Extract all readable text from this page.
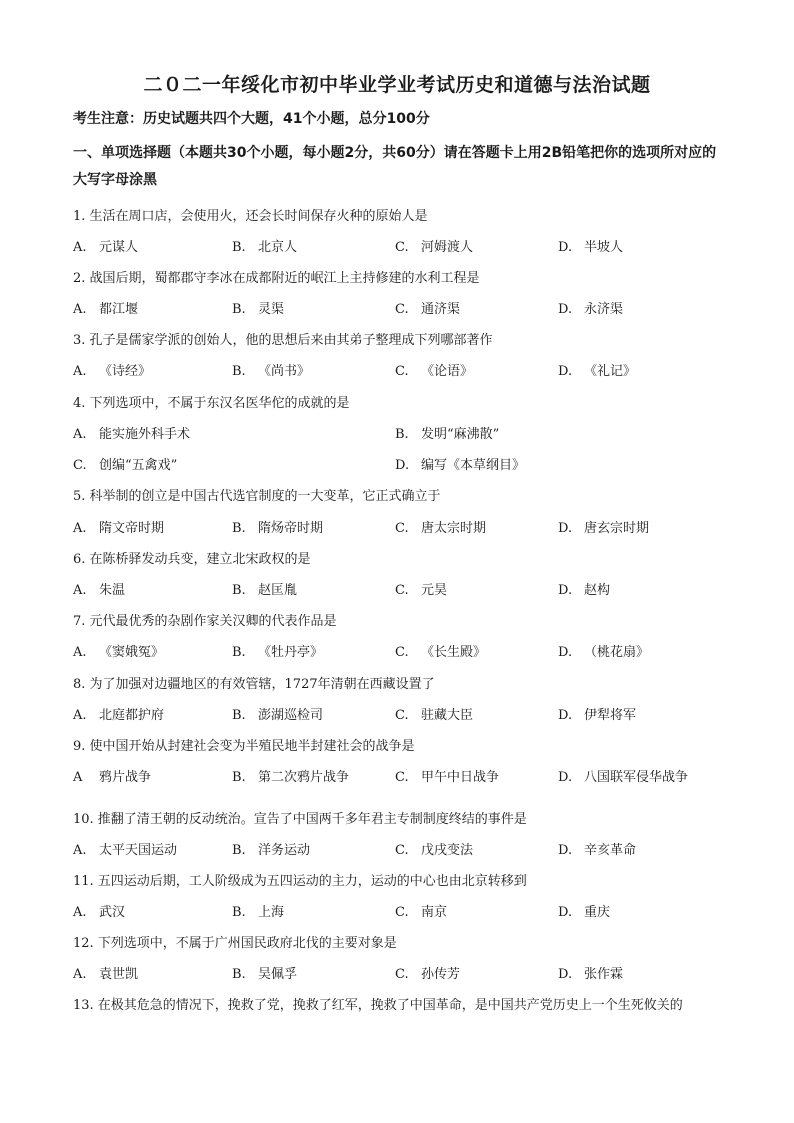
二０二一年绥化市初中毕业学业考试历史和道德与法治试题
考生注意：历史试题共四个大题，41个小题，总分100分
一、单项选择题（本题共30个小题，每小题2分，共60分）请在答题卡上用2B铅笔把你的选项所对应的大写字母涂黑
1. 生活在周口店，会使用火，还会长时间保存火种的原始人是
A. 元谋人	B. 北京人	C. 河姆渡人	D. 半坡人
2. 战国后期，蜀都郡守李冰在成都附近的岷江上主持修建的水利工程是
A. 都江堰	B. 灵渠	C. 通济渠	D. 永济渠
3. 孔子是儒家学派的创始人，他的思想后来由其弟子整理成下列哪部著作
A. 《诗经》	B. 《尚书》	C. 《论语》	D. 《礼记》
4. 下列选项中，不属于东汉名医华佗的成就的是
A. 能实施外科手术	B. 发明“麻沸散”
C. 创编“五禽戏”	D. 编写《本草纲目》
5. 科举制的创立是中国古代选官制度的一大变革，它正式确立于
A. 隋文帝时期	B. 隋炀帝时期	C. 唐太宗时期	D. 唐玄宗时期
6. 在陈桥驿发动兵变，建立北宋政权的是
A. 朱温	B. 赵匡胤	C. 元昊	D. 赵构
7. 元代最优秀的杂剧作家关汉卿的代表作品是
A. 《窦娥冤》	B. 《牡丹亭》	C. 《长生殿》	D. （桃花扇》
8. 为了加强对边疆地区的有效管辖，1727年清朝在西藏设置了
A. 北庭都护府	B. 澎湖巡检司	C. 驻藏大臣	D. 伊犁将军
9. 使中国开始从封建社会变为半殖民地半封建社会的战争是
A 鸦片战争	B. 第二次鸦片战争	C. 甲午中日战争	D. 八国联军侵华战争
10. 推翻了清王朝的反动统治。宣告了中国两千多年君主专制制度终结的事件是
A. 太平天国运动	B. 洋务运动	C. 戊戌变法	D. 辛亥革命
11. 五四运动后期，工人阶级成为五四运动的主力，运动的中心也由北京转移到
A. 武汉	B. 上海	C. 南京	D. 重庆
12. 下列选项中，不属于广州国民政府北伐的主要对象是
A. 袁世凯	B. 吴佩孚	C. 孙传芳	D. 张作霖
13. 在极其危急的情况下，挽救了党，挽救了红军，挽救了中国革命，是中国共产党历史上一个生死攸关的
